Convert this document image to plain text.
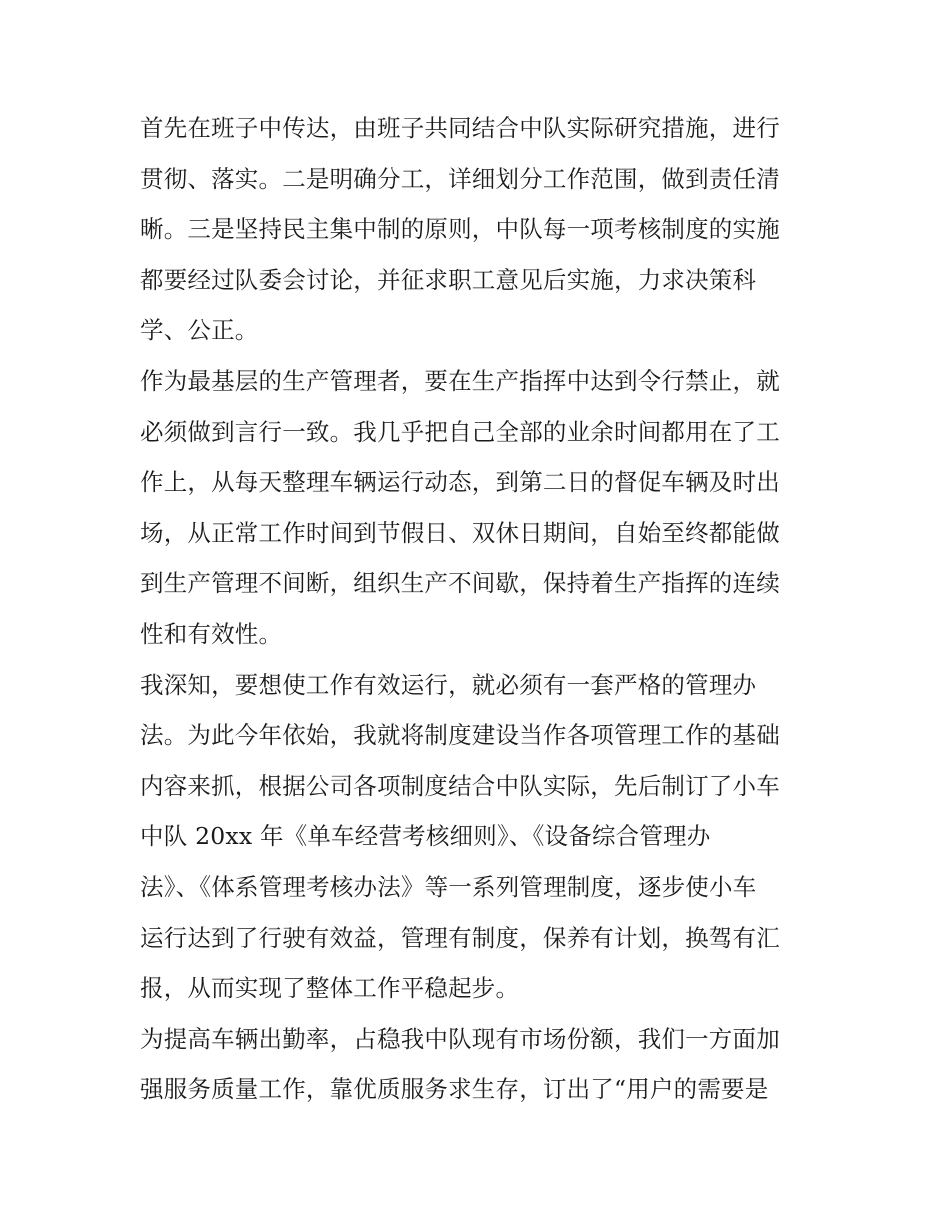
首先在班子中传达，由班子共同结合中队实际研究措施，进行
贯彻、落实。二是明确分工，详细划分工作范围，做到责任清
晰。三是坚持民主集中制的原则，中队每一项考核制度的实施
都要经过队委会讨论，并征求职工意见后实施，力求决策科
学、公正。
作为最基层的生产管理者，要在生产指挥中达到令行禁止，就
必须做到言行一致。我几乎把自己全部的业余时间都用在了工
作上，从每天整理车辆运行动态，到第二日的督促车辆及时出
场，从正常工作时间到节假日、双休日期间，自始至终都能做
到生产管理不间断，组织生产不间歇，保持着生产指挥的连续
性和有效性。
我深知，要想使工作有效运行，就必须有一套严格的管理办
法。为此今年依始，我就将制度建设当作各项管理工作的基础
内容来抓，根据公司各项制度结合中队实际，先后制订了小车
中队 20xx 年《单车经营考核细则》、《设备综合管理办
法》、《体系管理考核办法》等一系列管理制度，逐步使小车
运行达到了行驶有效益，管理有制度，保养有计划，换驾有汇
报，从而实现了整体工作平稳起步。
为提高车辆出勤率，占稳我中队现有市场份额，我们一方面加
强服务质量工作，靠优质服务求生存，订出了“用户的需要是
